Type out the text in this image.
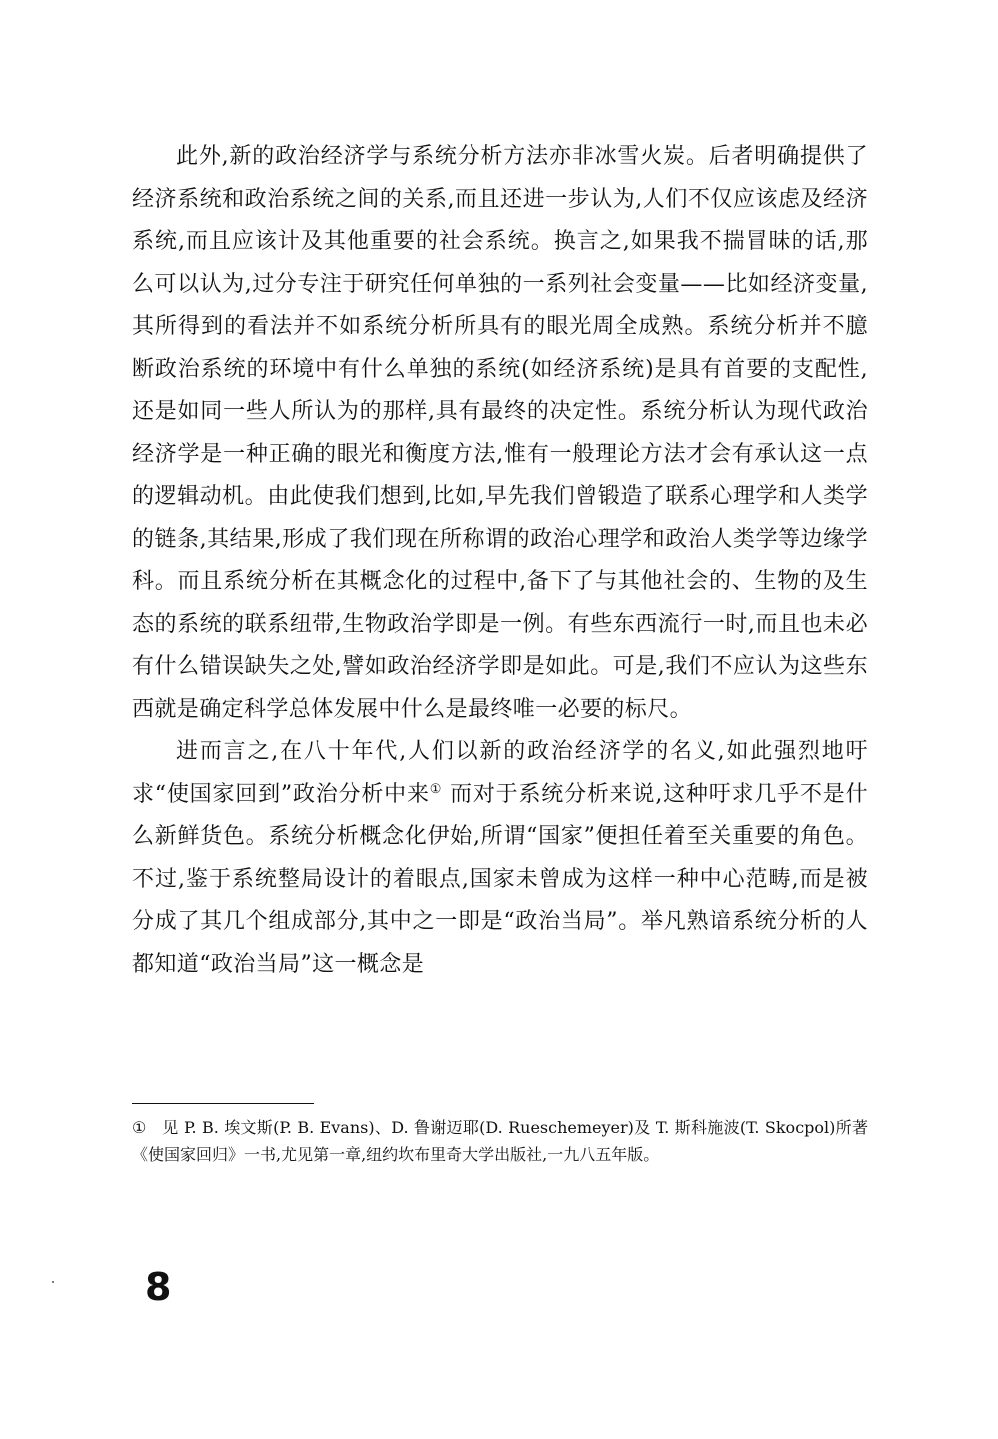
此外,新的政治经济学与系统分析方法亦非冰雪火炭。后者明确提供了经济系统和政治系统之间的关系,而且还进一步认为,人们不仅应该虑及经济系统,而且应该计及其他重要的社会系统。换言之,如果我不揣冒昧的话,那么可以认为,过分专注于研究任何单独的一系列社会变量——比如经济变量,其所得到的看法并不如系统分析所具有的眼光周全成熟。系统分析并不臆断政治系统的环境中有什么单独的系统(如经济系统)是具有首要的支配性,还是如同一些人所认为的那样,具有最终的决定性。系统分析认为现代政治经济学是一种正确的眼光和衡度方法,惟有一般理论方法才会有承认这一点的逻辑动机。由此使我们想到,比如,早先我们曾锻造了联系心理学和人类学的链条,其结果,形成了我们现在所称谓的政治心理学和政治人类学等边缘学科。而且系统分析在其概念化的过程中,备下了与其他社会的、生物的及生态的系统的联系纽带,生物政治学即是一例。有些东西流行一时,而且也未必有什么错误缺失之处,譬如政治经济学即是如此。可是,我们不应认为这些东西就是确定科学总体发展中什么是最终唯一必要的标尺。

进而言之,在八十年代,人们以新的政治经济学的名义,如此强烈地吁求“使国家回到”政治分析中来① 而对于系统分析来说,这种吁求几乎不是什么新鲜货色。系统分析概念化伊始,所谓“国家”便担任着至关重要的角色。不过,鉴于系统整局设计的着眼点,国家未曾成为这样一种中心范畴,而是被分成了其几个组成部分,其中之一即是“政治当局”。举凡熟谙系统分析的人都知道“政治当局”这一概念是

① 见 P. B. 埃文斯(P. B. Evans)、D. 鲁谢迈耶(D. Rueschemeyer)及 T. 斯科施波(T. Skocpol)所著《使国家回归》一书,尤见第一章,纽约坎布里奇大学出版社,一九八五年版。
8
